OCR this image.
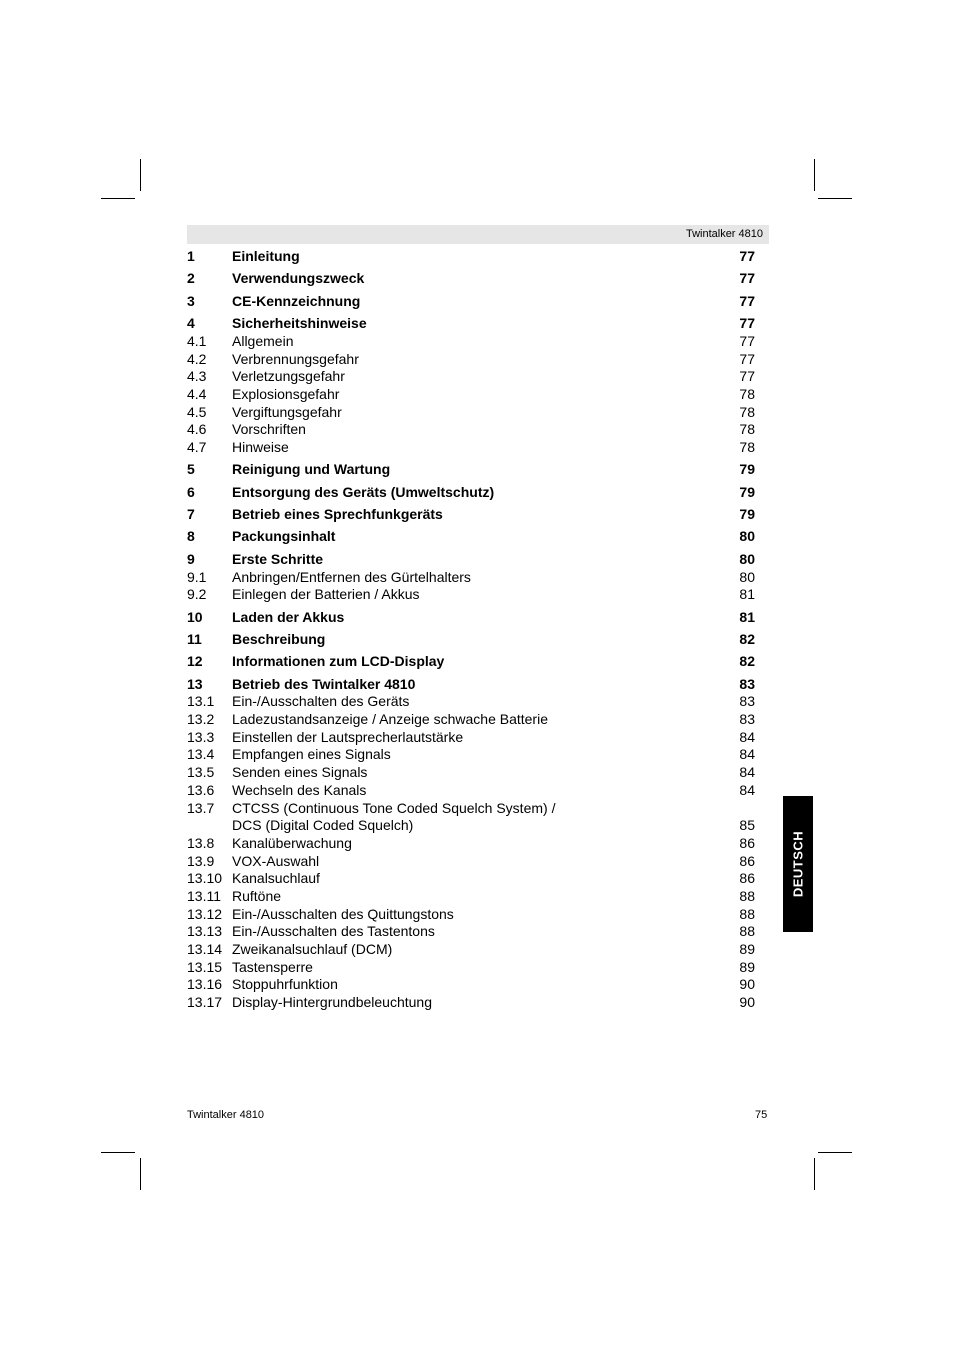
Twintalker 4810
1	Einleitung	77
2	Verwendungszweck	77
3	CE-Kennzeichnung	77
4	Sicherheitshinweise	77
4.1 Allgemein	77
4.2 Verbrennungsgefahr	77
4.3 Verletzungsgefahr	77
4.4 Explosionsgefahr	78
4.5 Vergiftungsgefahr	78
4.6 Vorschriften	78
4.7 Hinweise	78
5	Reinigung und Wartung	79
6	Entsorgung des Geräts (Umweltschutz)	79
7	Betrieb eines Sprechfunkgeräts	79
8	Packungsinhalt	80
9	Erste Schritte	80
9.1 Anbringen/Entfernen des Gürtelhalters	80
9.2 Einlegen der Batterien / Akkus	81
10 Laden der Akkus	81
11 Beschreibung	82
12 Informationen zum LCD-Display	82
13 Betrieb des Twintalker 4810	83
13.1 Ein-/Ausschalten des Geräts	83
13.2 Ladezustandsanzeige / Anzeige schwache Batterie	83
13.3 Einstellen der Lautsprecherlautstärke	84
13.4 Empfangen eines Signals	84
13.5 Senden eines Signals	84
13.6 Wechseln des Kanals	84
13.7 CTCSS (Continuous Tone Coded Squelch System) /
DCS (Digital Coded Squelch)	85
13.8 Kanalüberwachung	86
13.9 VOX-Auswahl	86
13.10 Kanalsuchlauf	86
13.11 Ruftöne	88
13.12 Ein-/Ausschalten des Quittungstons	88
13.13 Ein-/Ausschalten des Tastentons	88
13.14 Zweikanalsuchlauf (DCM)	89
13.15 Tastensperre	89
13.16 Stoppuhrfunktion	90
13.17 Display-Hintergrundbeleuchtung	90
DEUTSCH
Twintalker 4810	75
